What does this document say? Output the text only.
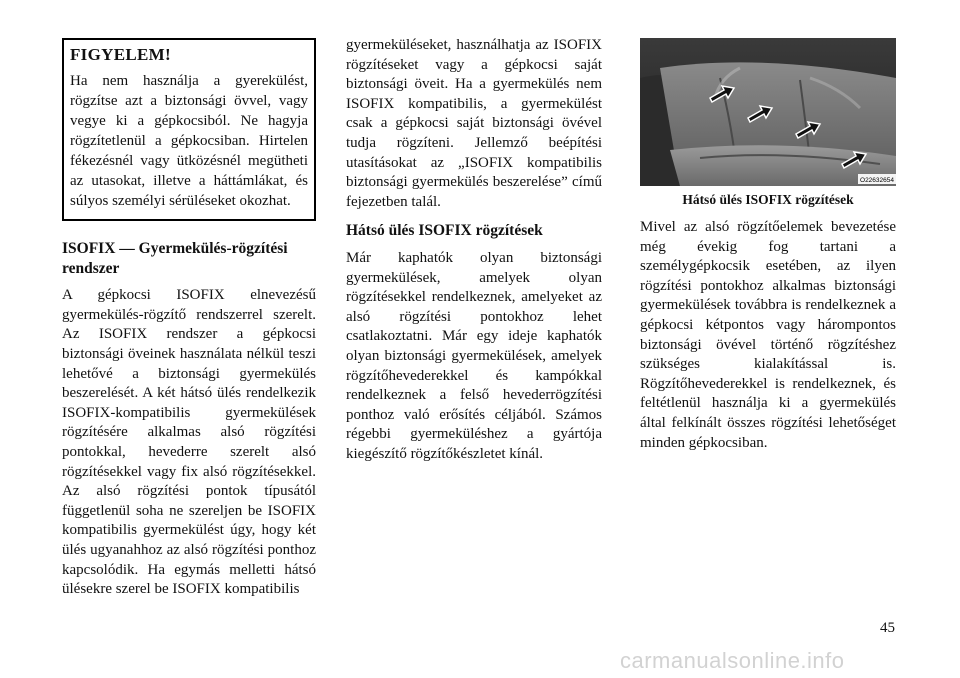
FIGYELEM!

Ha nem használja a gyerekülést, rögzítse azt a biztonsági övvel, vagy vegye ki a gépkocsiból. Ne hagyja rögzítetlenül a gépkocsiban. Hirtelen fékezésnél vagy ütközésnél megütheti az utasokat, illetve a háttámlákat, és súlyos személyi sérüléseket okozhat.

ISOFIX — Gyermekülés-rögzítési rendszer

A gépkocsi ISOFIX elnevezésű gyermekülés-rögzítő rendszerrel szerelt. Az ISOFIX rendszer a gépkocsi biztonsági öveinek használata nélkül teszi lehetővé a biztonsági gyermekülés beszerelését. A két hátsó ülés rendelkezik ISOFIX-kompatibilis gyermekülések rögzítésére alkalmas alsó rögzítési pontokkal, hevederre szerelt alsó rögzítésekkel vagy fix alsó rögzítésekkel. Az alsó rögzítési pontok típusától függetlenül soha ne szereljen be ISOFIX kompatibilis gyermekülést úgy, hogy két ülés ugyanahhoz az alsó rögzítési ponthoz kapcsolódik. Ha egymás melletti hátsó ülésekre szerel be ISOFIX kompatibilis

gyermeküléseket, használhatja az ISOFIX rögzítéseket vagy a gépkocsi saját biztonsági öveit. Ha a gyermekülés nem ISOFIX kompatibilis, a gyermekülést csak a gépkocsi saját biztonsági övével tudja rögzíteni. Jellemző beépítési utasításokat az „ISOFIX kompatibilis biztonsági gyermekülés beszerelése” című fejezetben talál.

Hátsó ülés ISOFIX rögzítések

Már kaphatók olyan biztonsági gyermekülések, amelyek olyan rögzítésekkel rendelkeznek, amelyeket az alsó rögzítési pontokhoz lehet csatlakoztatni. Már egy ideje kaphatók olyan biztonsági gyermekülések, amelyek rögzítőhevederekkel és kampókkal rendelkeznek a felső hevederrögzítési ponthoz való erősítés céljából. Számos régebbi gyermeküléshez a gyártója kiegészítő rögzítőkészletet kínál.

O22632654
Hátsó ülés ISOFIX rögzítések

Mivel az alsó rögzítőelemek bevezetése még évekig fog tartani a személygépkocsik esetében, az ilyen rögzítési pontokhoz alkalmas biztonsági gyermekülések továbbra is rendelkeznek a gépkocsi kétpontos vagy hárompontos biztonsági övével történő rögzítéshez szükséges kialakítással is. Rögzítőhevederekkel is rendelkeznek, és feltétlenül használja ki a gyermekülés által felkínált összes rögzítési lehetőséget minden gépkocsiban.

45
carmanualsonline.info
